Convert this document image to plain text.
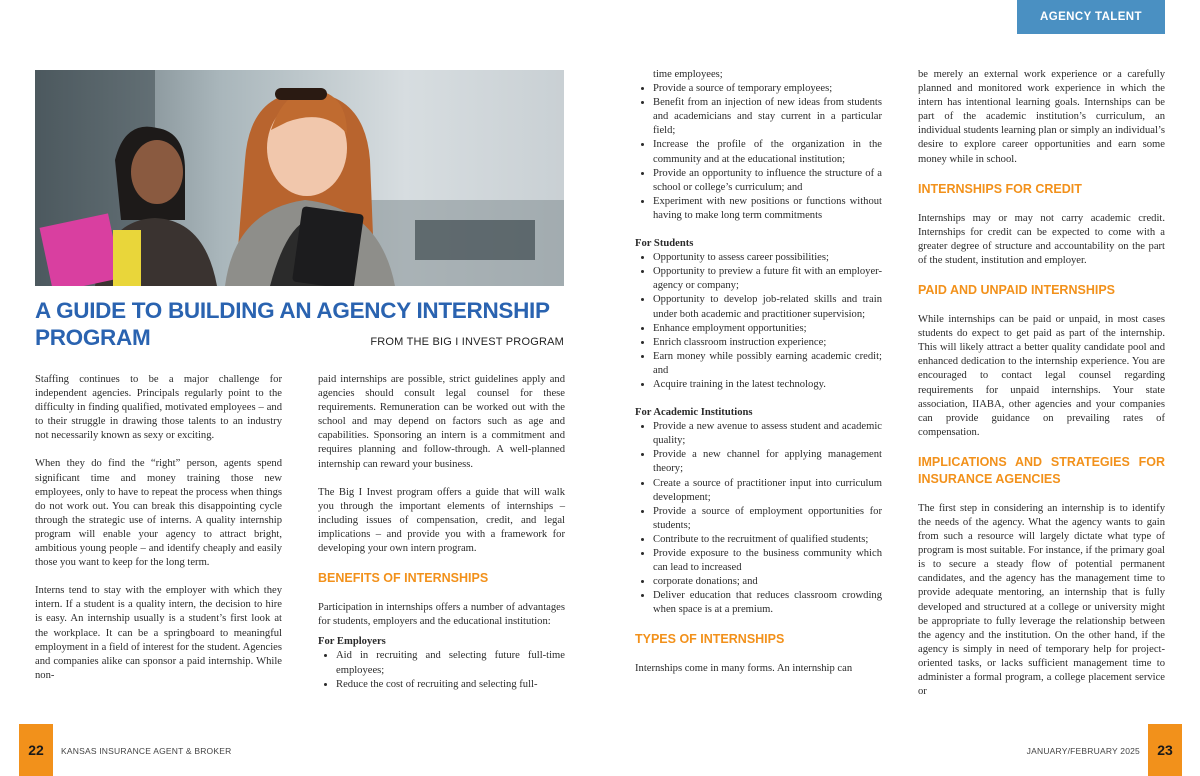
AGENCY TALENT
A GUIDE TO BUILDING AN AGENCY INTERNSHIP PROGRAM	FROM THE BIG I INVEST PROGRAM

Staffing continues to be a major challenge for independent agencies. Principals regularly point to the difficulty in finding qualified, motivated employees – and to their struggle in drawing those talents to an industry not necessarily known as sexy or exciting.

When they do find the “right” person, agents spend significant time and money training those new employees, only to have to repeat the process when things do not work out. You can break this disappointing cycle through the strategic use of interns. A quality internship program will enable your agency to attract bright, ambitious young people – and identify cheaply and easily those you want to keep for the long term.

Interns tend to stay with the employer with which they intern. If a student is a quality intern, the decision to hire is easy. An internship usually is a student’s first look at the workplace. It can be a springboard to meaningful employment in a field of interest for the student. Agencies and companies alike can sponsor a paid internship. While non-

paid internships are possible, strict guidelines apply and agencies should consult legal counsel for these requirements. Remuneration can be worked out with the school and may depend on factors such as age and capabilities. Sponsoring an intern is a commitment and requires planning and follow-through. A well-planned internship can reward your business.

The Big I Invest program offers a guide that will walk you through the important elements of internships – including issues of compensation, credit, and legal implications – and provide you with a framework for developing your own intern program.

BENEFITS OF INTERNSHIPS

Participation in internships offers a number of advantages for students, employers and the educational institution:

For Employers
• Aid in recruiting and selecting future full-time employees;
• Reduce the cost of recruiting and selecting full-
time employees;
• Provide a source of temporary employees;
• Benefit from an injection of new ideas from students and academicians and stay current in a particular field;
• Increase the profile of the organization in the community and at the educational institution;
• Provide an opportunity to influence the structure of a school or college’s curriculum; and
• Experiment with new positions or functions without having to make long term commitments
For Students
• Opportunity to assess career possibilities;
• Opportunity to preview a future fit with an employer- agency or company;
• Opportunity to develop job-related skills and train under both academic and practitioner supervision;
• Enhance employment opportunities;
• Enrich classroom instruction experience;
• Earn money while possibly earning academic credit; and
• Acquire training in the latest technology.
For Academic Institutions
• Provide a new avenue to assess student and academic quality;
• Provide a new channel for applying management theory;
• Create a source of practitioner input into curriculum development;
• Provide a source of employment opportunities for students;
• Contribute to the recruitment of qualified students;
• Provide exposure to the business community which can lead to increased
• corporate donations; and
• Deliver education that reduces classroom crowding when space is at a premium.
TYPES OF INTERNSHIPS

Internships come in many forms. An internship can

be merely an external work experience or a carefully planned and monitored work experience in which the intern has intentional learning goals. Internships can be part of the academic institution’s curriculum, an individual students learning plan or simply an individual’s desire to explore career opportunities and earn some money while in school.

INTERNSHIPS FOR CREDIT

Internships may or may not carry academic credit. Internships for credit can be expected to come with a greater degree of structure and accountability on the part of the student, institution and employer.

PAID AND UNPAID INTERNSHIPS

While internships can be paid or unpaid, in most cases students do expect to get paid as part of the internship. This will likely attract a better quality candidate pool and enhanced dedication to the internship experience. You are encouraged to contact legal counsel regarding requirements for unpaid internships. Your state association, IIABA, other agencies and your companies can provide guidance on prevailing rates of compensation.

IMPLICATIONS AND STRATEGIES FOR INSURANCE AGENCIES

The first step in considering an internship is to identify the needs of the agency. What the agency wants to gain from such a resource will largely dictate what type of program is most suitable. For instance, if the primary goal is to secure a steady flow of potential permanent candidates, and the agency has the management time to provide adequate mentoring, an internship that is fully developed and structured at a college or university might be appropriate to fully leverage the relationship between the agency and the institution. On the other hand, if the agency is simply in need of temporary help for project-oriented tasks, or lacks sufficient management time to administer a formal program, a college placement service or

22	KANSAS INSURANCE AGENT & BROKER	JANUARY/FEBRUARY 2025	23
